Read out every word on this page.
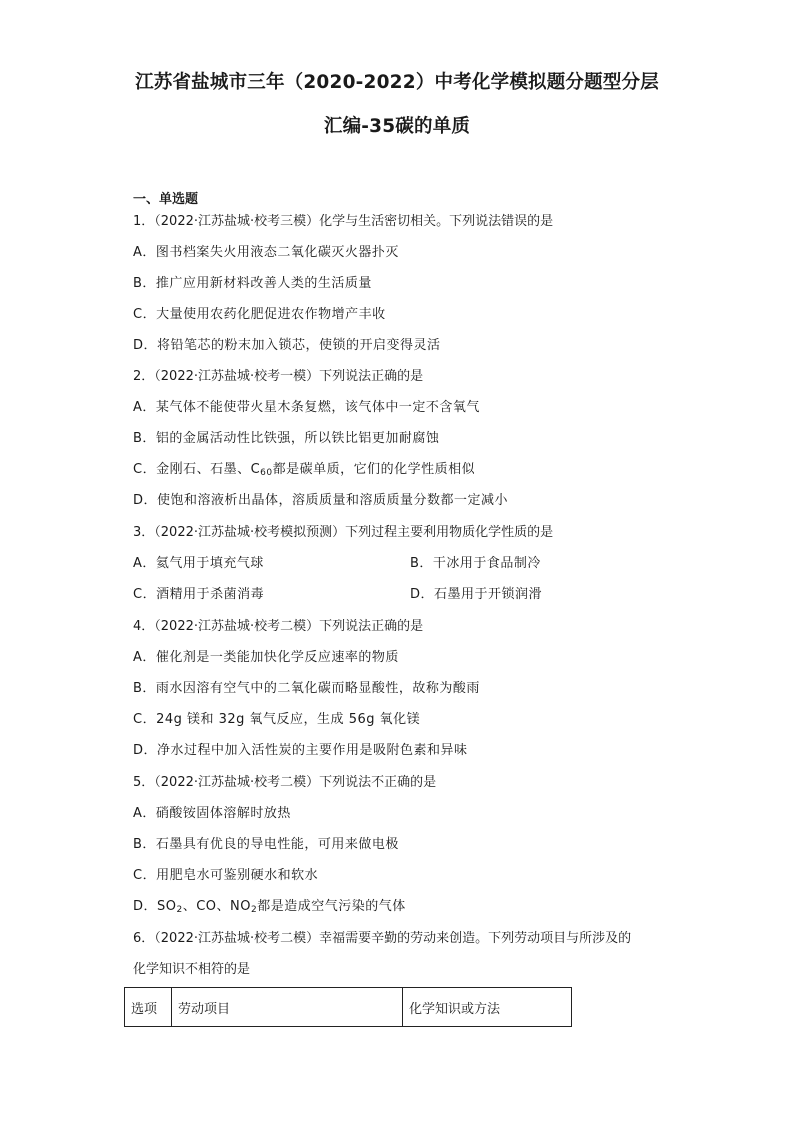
江苏省盐城市三年（2020-2022）中考化学模拟题分题型分层
汇编-35碳的单质
一、单选题
1．（2022·江苏盐城·校考三模）化学与生活密切相关。下列说法错误的是
A．图书档案失火用液态二氧化碳灭火器扑灭
B．推广应用新材料改善人类的生活质量
C．大量使用农药化肥促进农作物增产丰收
D．将铅笔芯的粉末加入锁芯，使锁的开启变得灵活
2．（2022·江苏盐城·校考一模）下列说法正确的是
A．某气体不能使带火星木条复燃，该气体中一定不含氧气
B．铝的金属活动性比铁强，所以铁比铝更加耐腐蚀
C．金刚石、石墨、$C_{60}$都是碳单质，它们的化学性质相似
D．使饱和溶液析出晶体，溶质质量和溶质质量分数都一定减小
3．（2022·江苏盐城·校考模拟预测）下列过程主要利用物质化学性质的是
A．氦气用于填充气球	B．干冰用于食品制冷
C．酒精用于杀菌消毒	D．石墨用于开锁润滑
4．（2022·江苏盐城·校考二模）下列说法正确的是
A．催化剂是一类能加快化学反应速率的物质
B．雨水因溶有空气中的二氧化碳而略显酸性，故称为酸雨
C．24g 镁和 32g 氧气反应，生成 56g 氧化镁
D．净水过程中加入活性炭的主要作用是吸附色素和异味
5．（2022·江苏盐城·校考二模）下列说法不正确的是
A．硝酸铵固体溶解时放热
B．石墨具有优良的导电性能，可用来做电极
C．用肥皂水可鉴别硬水和软水
D．$SO_2$、CO、$NO_2$都是造成空气污染的气体
6．（2022·江苏盐城·校考二模）幸福需要辛勤的劳动来创造。下列劳动项目与所涉及的
化学知识不相符的是
选项	劳动项目	化学知识或方法
